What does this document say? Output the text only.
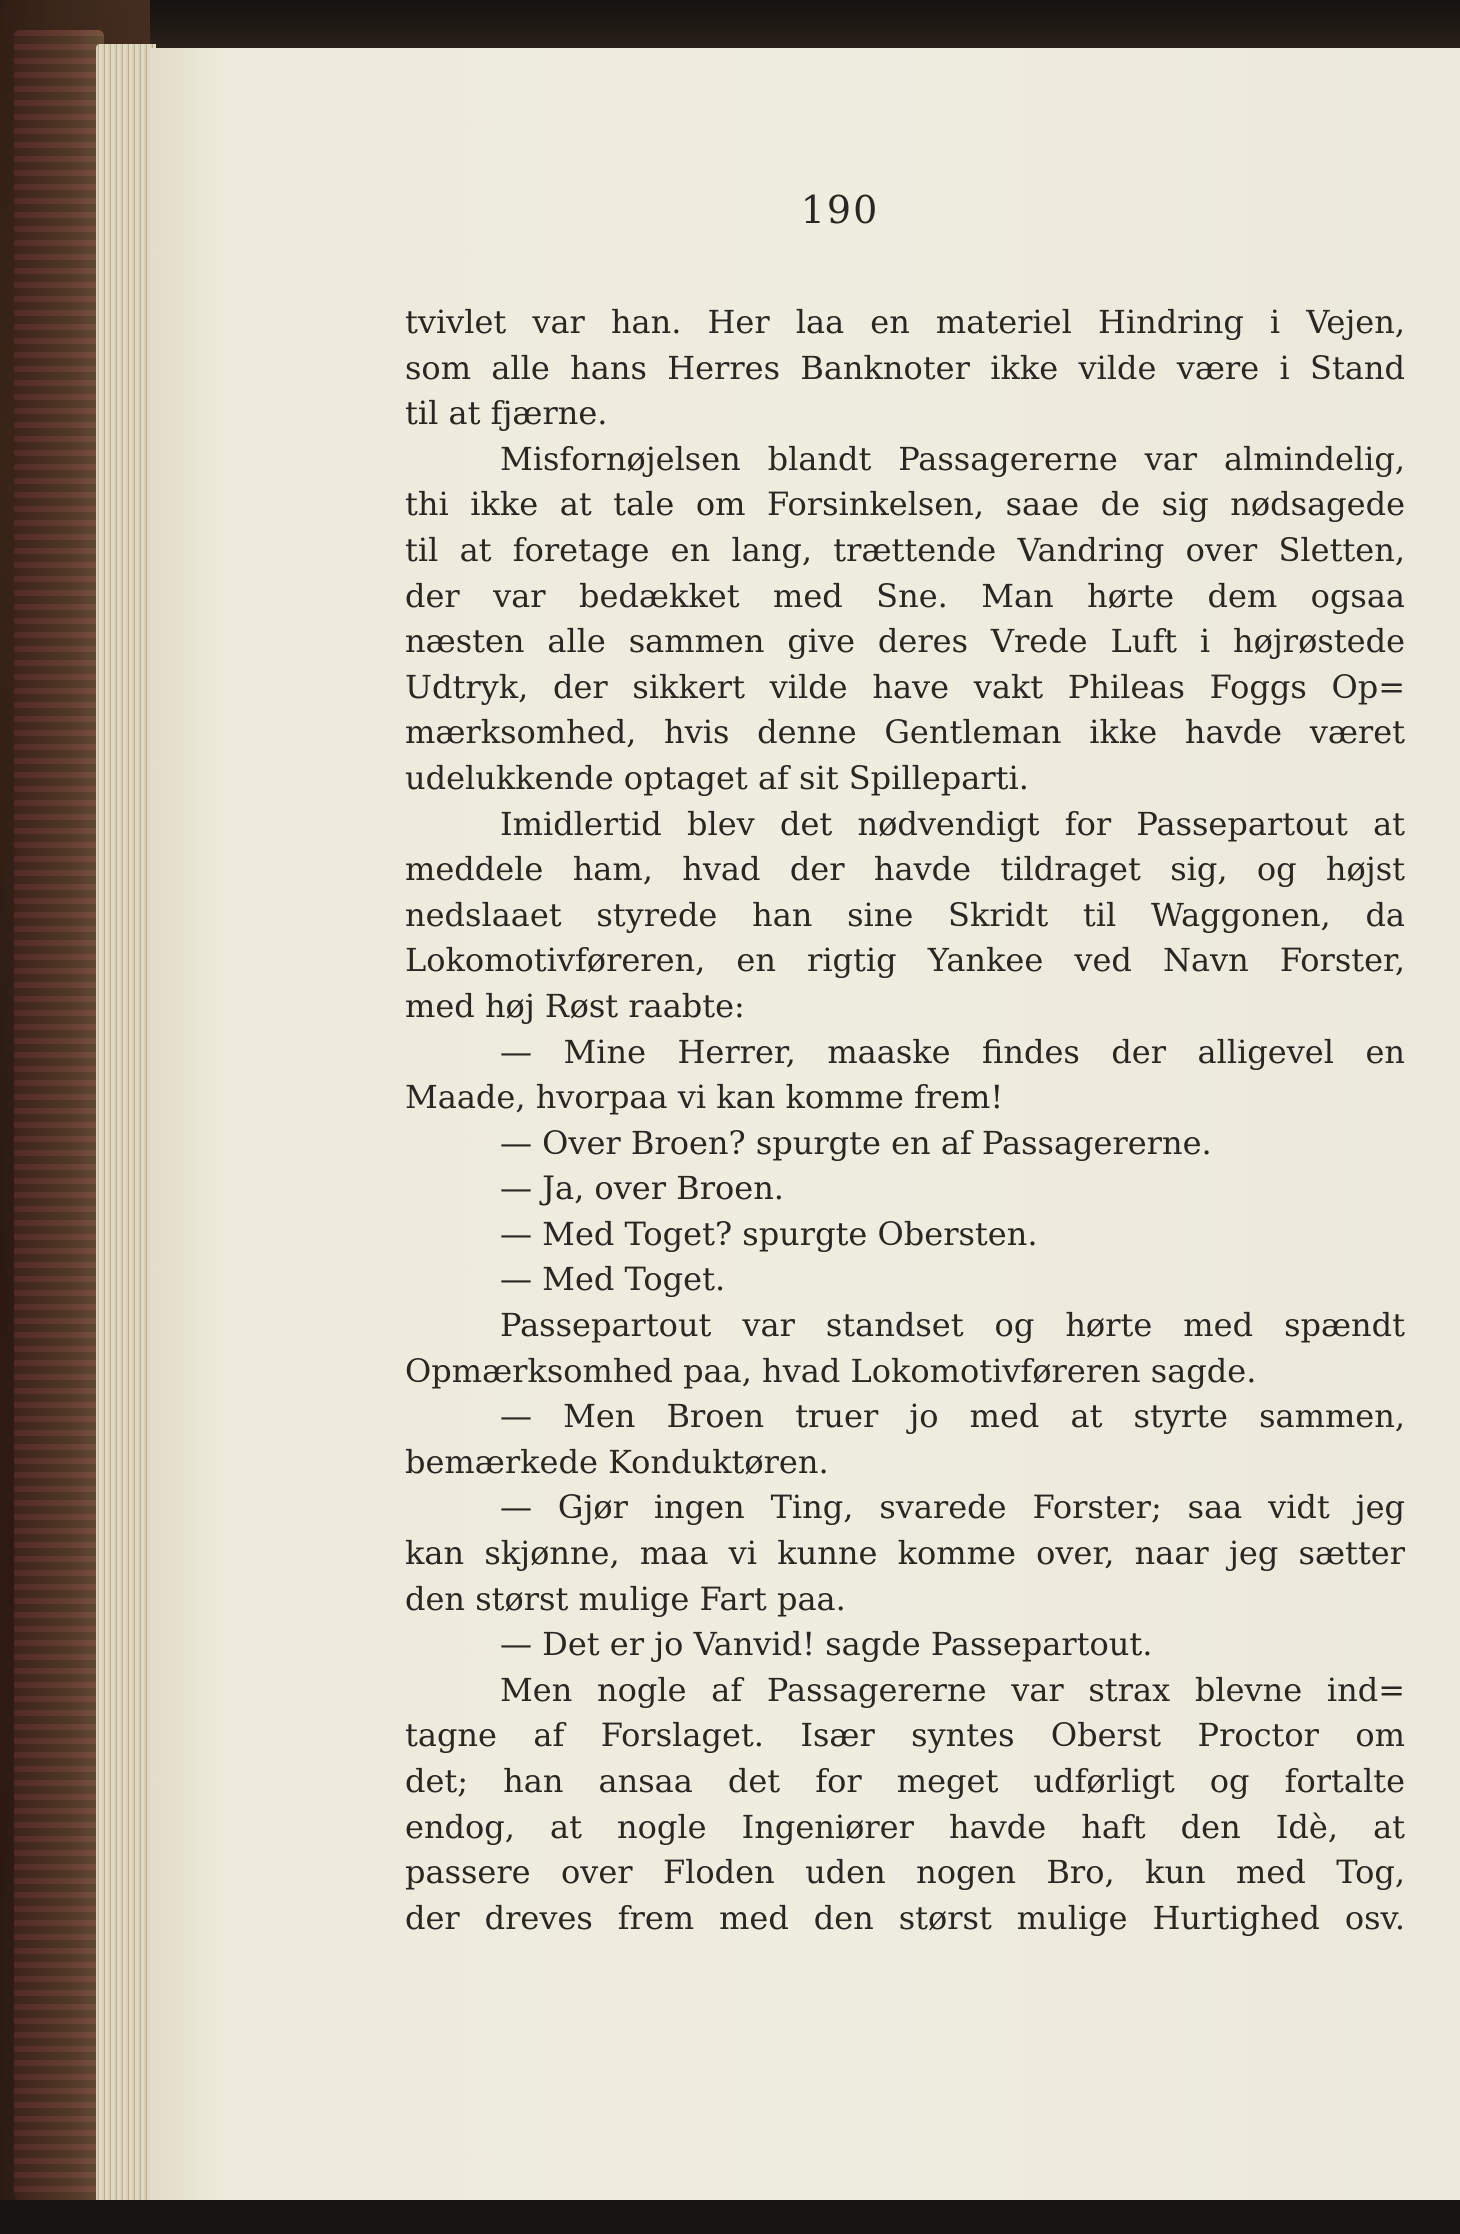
190
tvivlet var han. Her laa en materiel Hindring i Vejen,
som alle hans Herres Banknoter ikke vilde være i Stand
til at fjærne.
Misfornøjelsen blandt Passagererne var almindelig,
thi ikke at tale om Forsinkelsen, saae de sig nødsagede
til at foretage en lang, trættende Vandring over Sletten,
der var bedækket med Sne. Man hørte dem ogsaa
næsten alle sammen give deres Vrede Luft i højrøstede
Udtryk, der sikkert vilde have vakt Phileas Foggs Op=
mærksomhed, hvis denne Gentleman ikke havde været
udelukkende optaget af sit Spilleparti.
Imidlertid blev det nødvendigt for Passepartout at
meddele ham, hvad der havde tildraget sig, og højst
nedslaaet styrede han sine Skridt til Waggonen, da
Lokomotivføreren, en rigtig Yankee ved Navn Forster,
med høj Røst raabte:
— Mine Herrer, maaske findes der alligevel en
Maade, hvorpaa vi kan komme frem!
— Over Broen? spurgte en af Passagererne.
— Ja, over Broen.
— Med Toget? spurgte Obersten.
— Med Toget.
Passepartout var standset og hørte med spændt
Opmærksomhed paa, hvad Lokomotivføreren sagde.
— Men Broen truer jo med at styrte sammen,
bemærkede Konduktøren.
— Gjør ingen Ting, svarede Forster; saa vidt jeg
kan skjønne, maa vi kunne komme over, naar jeg sætter
den størst mulige Fart paa.
— Det er jo Vanvid! sagde Passepartout.
Men nogle af Passagererne var strax blevne ind=
tagne af Forslaget. Især syntes Oberst Proctor om
det; han ansaa det for meget udførligt og fortalte
endog, at nogle Ingeniører havde haft den Idè, at
passere over Floden uden nogen Bro, kun med Tog,
der dreves frem med den størst mulige Hurtighed osv.
